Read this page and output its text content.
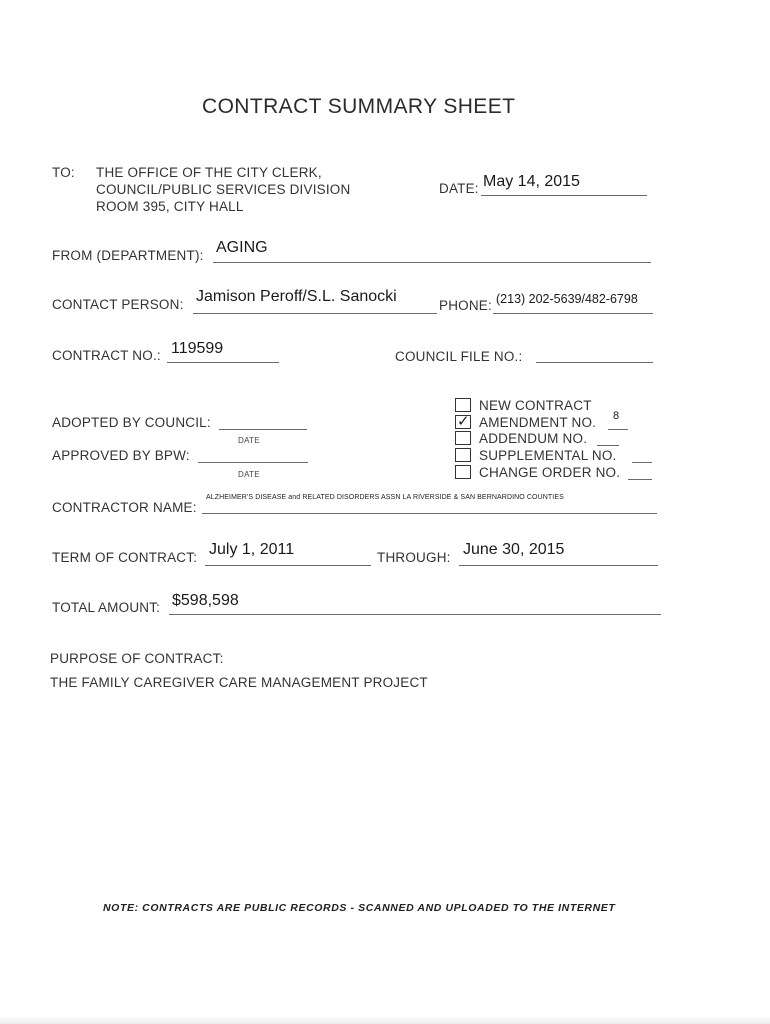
CONTRACT SUMMARY SHEET
TO: THE OFFICE OF THE CITY CLERK,
COUNCIL/PUBLIC SERVICES DIVISION
ROOM 395, CITY HALL
DATE: May 14, 2015
FROM (DEPARTMENT): AGING
CONTACT PERSON: Jamison Peroff/S.L. Sanocki
PHONE: (213) 202-5639/482-6798
CONTRACT NO.: 119599	COUNCIL FILE NO.:
ADOPTED BY COUNCIL:
DATE
APPROVED BY BPW:
DATE
NEW CONTRACT
✓ AMENDMENT NO. 8
ADDENDUM NO.
SUPPLEMENTAL NO.
CHANGE ORDER NO.
CONTRACTOR NAME:
ALZHEIMER'S DISEASE and RELATED DISORDERS ASSN LA RIVERSIDE & SAN BERNARDINO COUNTIES
TERM OF CONTRACT: July 1, 2011	THROUGH: June 30, 2015
TOTAL AMOUNT: $598,598
PURPOSE OF CONTRACT:
THE FAMILY CAREGIVER CARE MANAGEMENT PROJECT
NOTE: CONTRACTS ARE PUBLIC RECORDS - SCANNED AND UPLOADED TO THE INTERNET
